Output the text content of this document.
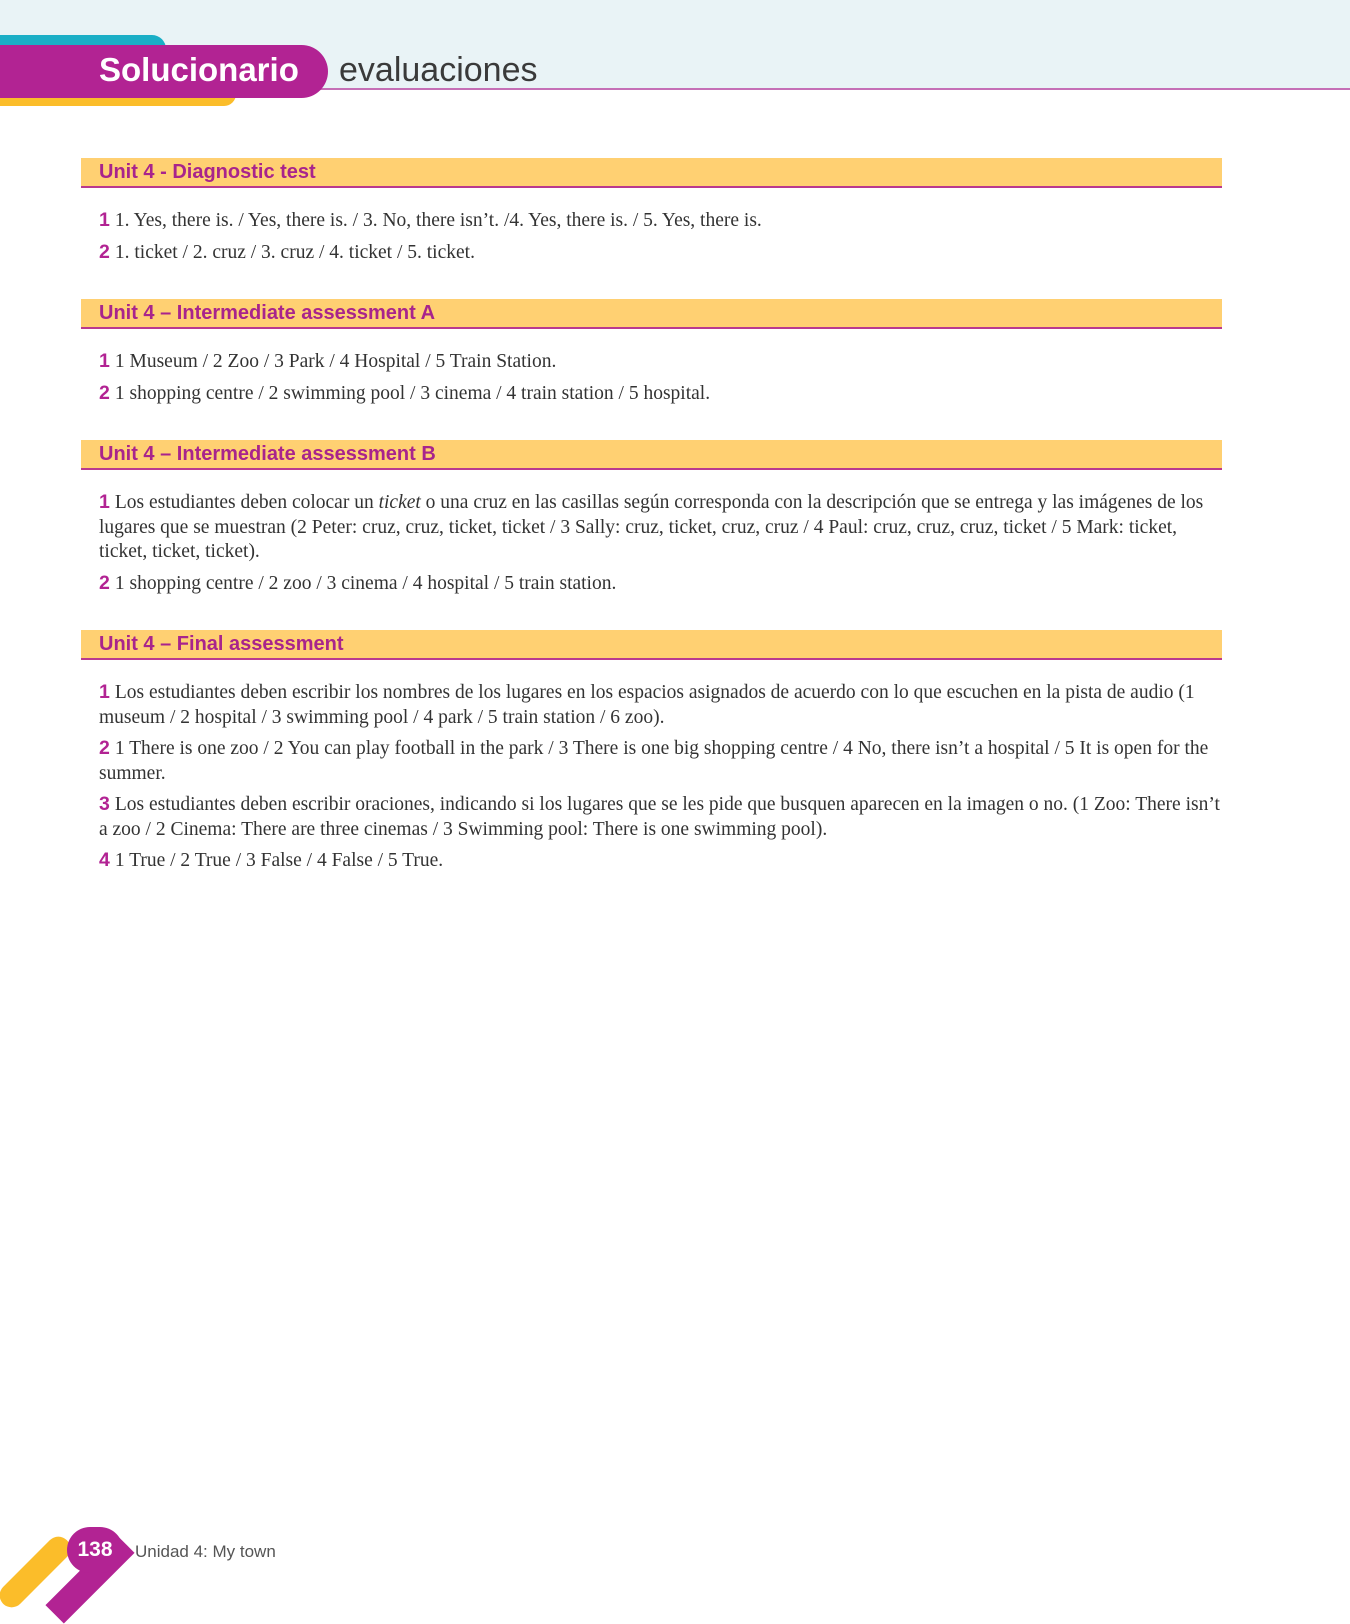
Solucionario evaluaciones
Unit 4 - Diagnostic test

1 1. Yes, there is. / Yes, there is. / 3. No, there isn’t. /4. Yes, there is. / 5. Yes, there is.

2 1. ticket / 2. cruz / 3. cruz / 4. ticket / 5. ticket.

Unit 4 – Intermediate assessment A

1 1 Museum / 2 Zoo / 3 Park / 4 Hospital / 5 Train Station.

2 1 shopping centre / 2 swimming pool / 3 cinema / 4 train station / 5 hospital.

Unit 4 – Intermediate assessment B

1 Los estudiantes deben colocar un ticket o una cruz en las casillas según corresponda con la descripción que se entrega y las imágenes de los lugares que se muestran (2 Peter: cruz, cruz, ticket, ticket / 3 Sally: cruz, ticket, cruz, cruz / 4 Paul: cruz, cruz, cruz, ticket / 5 Mark: ticket, ticket, ticket, ticket).

2 1 shopping centre / 2 zoo / 3 cinema / 4 hospital / 5 train station.

Unit 4 – Final assessment

1 Los estudiantes deben escribir los nombres de los lugares en los espacios asignados de acuerdo con lo que escuchen en la pista de audio (1 museum / 2 hospital / 3 swimming pool / 4 park / 5 train station / 6 zoo).

2 1 There is one zoo / 2 You can play football in the park / 3 There is one big shopping centre / 4 No, there isn’t a hospital / 5 It is open for the summer.

3 Los estudiantes deben escribir oraciones, indicando si los lugares que se les pide que busquen aparecen en la imagen o no. (1 Zoo: There isn’t a zoo / 2 Cinema: There are three cinemas / 3 Swimming pool: There is one swimming pool).

4 1 True / 2 True / 3 False / 4 False / 5 True.

138	Unidad 4: My town
